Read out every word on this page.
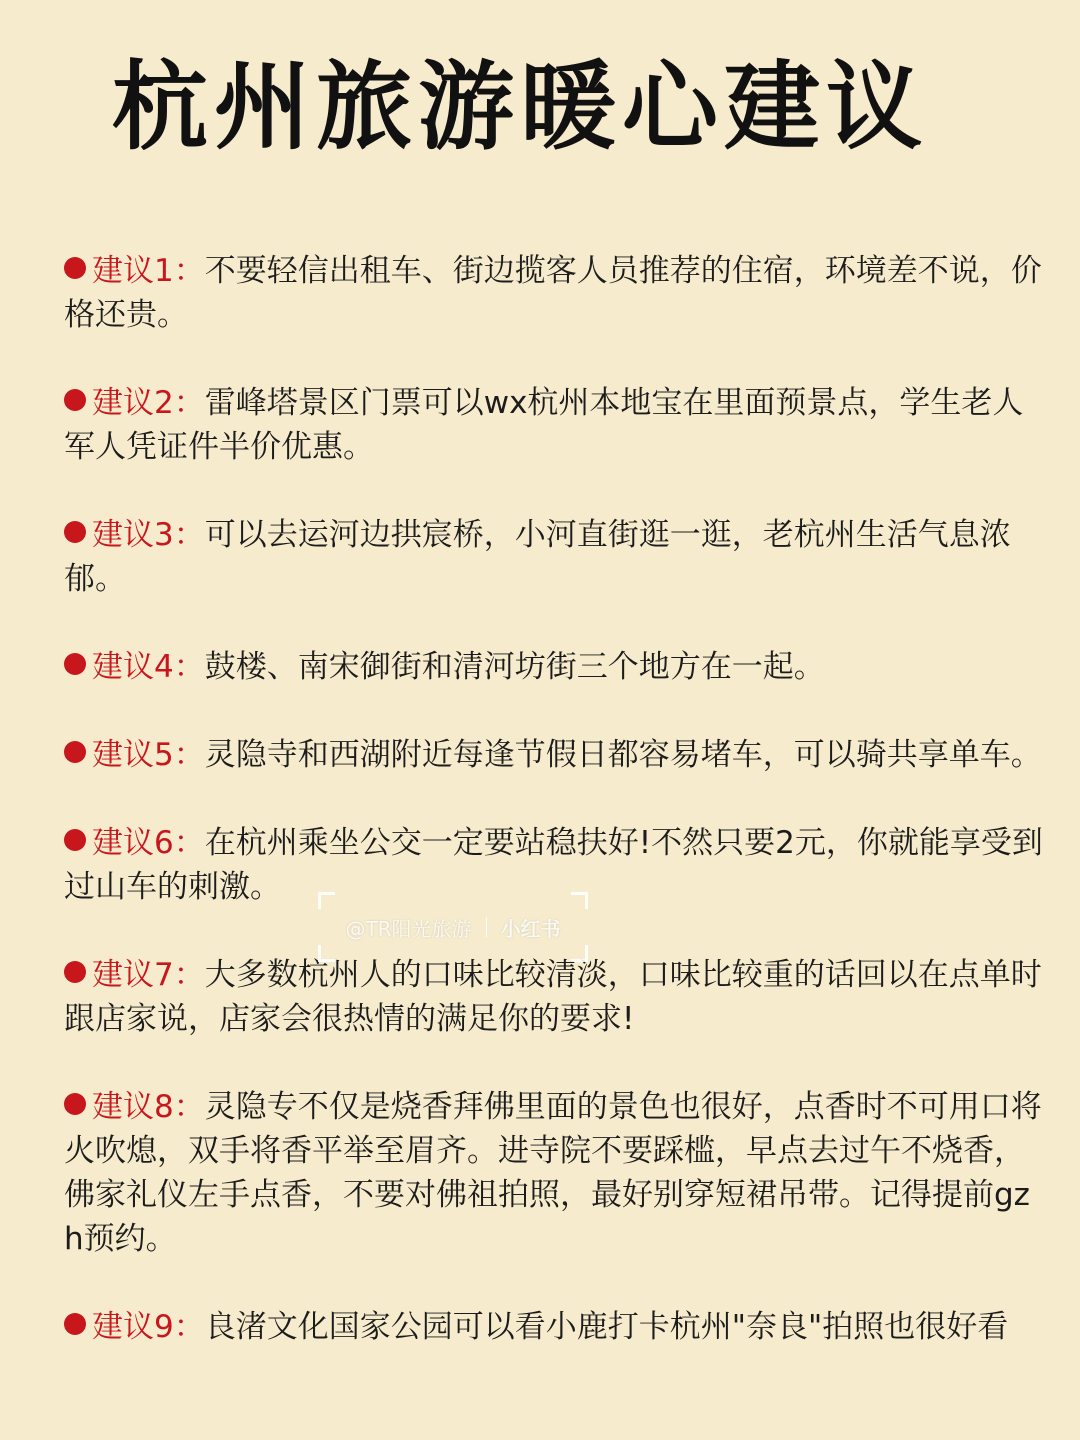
杭州旅游暖心建议

建议1：不要轻信出租车、街边揽客人员推荐的住宿，环境差不说，价格还贵。

建议2：雷峰塔景区门票可以wx杭州本地宝在里面预景点，学生老人军人凭证件半价优惠。

建议3：可以去运河边拱宸桥，小河直街逛一逛，老杭州生活气息浓郁。

建议4：鼓楼、南宋御街和清河坊街三个地方在一起。

建议5：灵隐寺和西湖附近每逢节假日都容易堵车，可以骑共享单车。

建议6：在杭州乘坐公交一定要站稳扶好!不然只要2元，你就能享受到过山车的刺激。

建议7：大多数杭州人的口味比较清淡，口味比较重的话回以在点单时跟店家说，店家会很热情的满足你的要求!

建议8：灵隐专不仅是烧香拜佛里面的景色也很好，点香时不可用口将火吹熄，双手将香平举至眉齐。进寺院不要踩槛，早点去过午不烧香，佛家礼仪左手点香，不要对佛祖拍照，最好别穿短裙吊带。记得提前gzh预约。

建议9：良渚文化国家公园可以看小鹿打卡杭州"奈良"拍照也很好看

@TR阳光旅游 小红书
